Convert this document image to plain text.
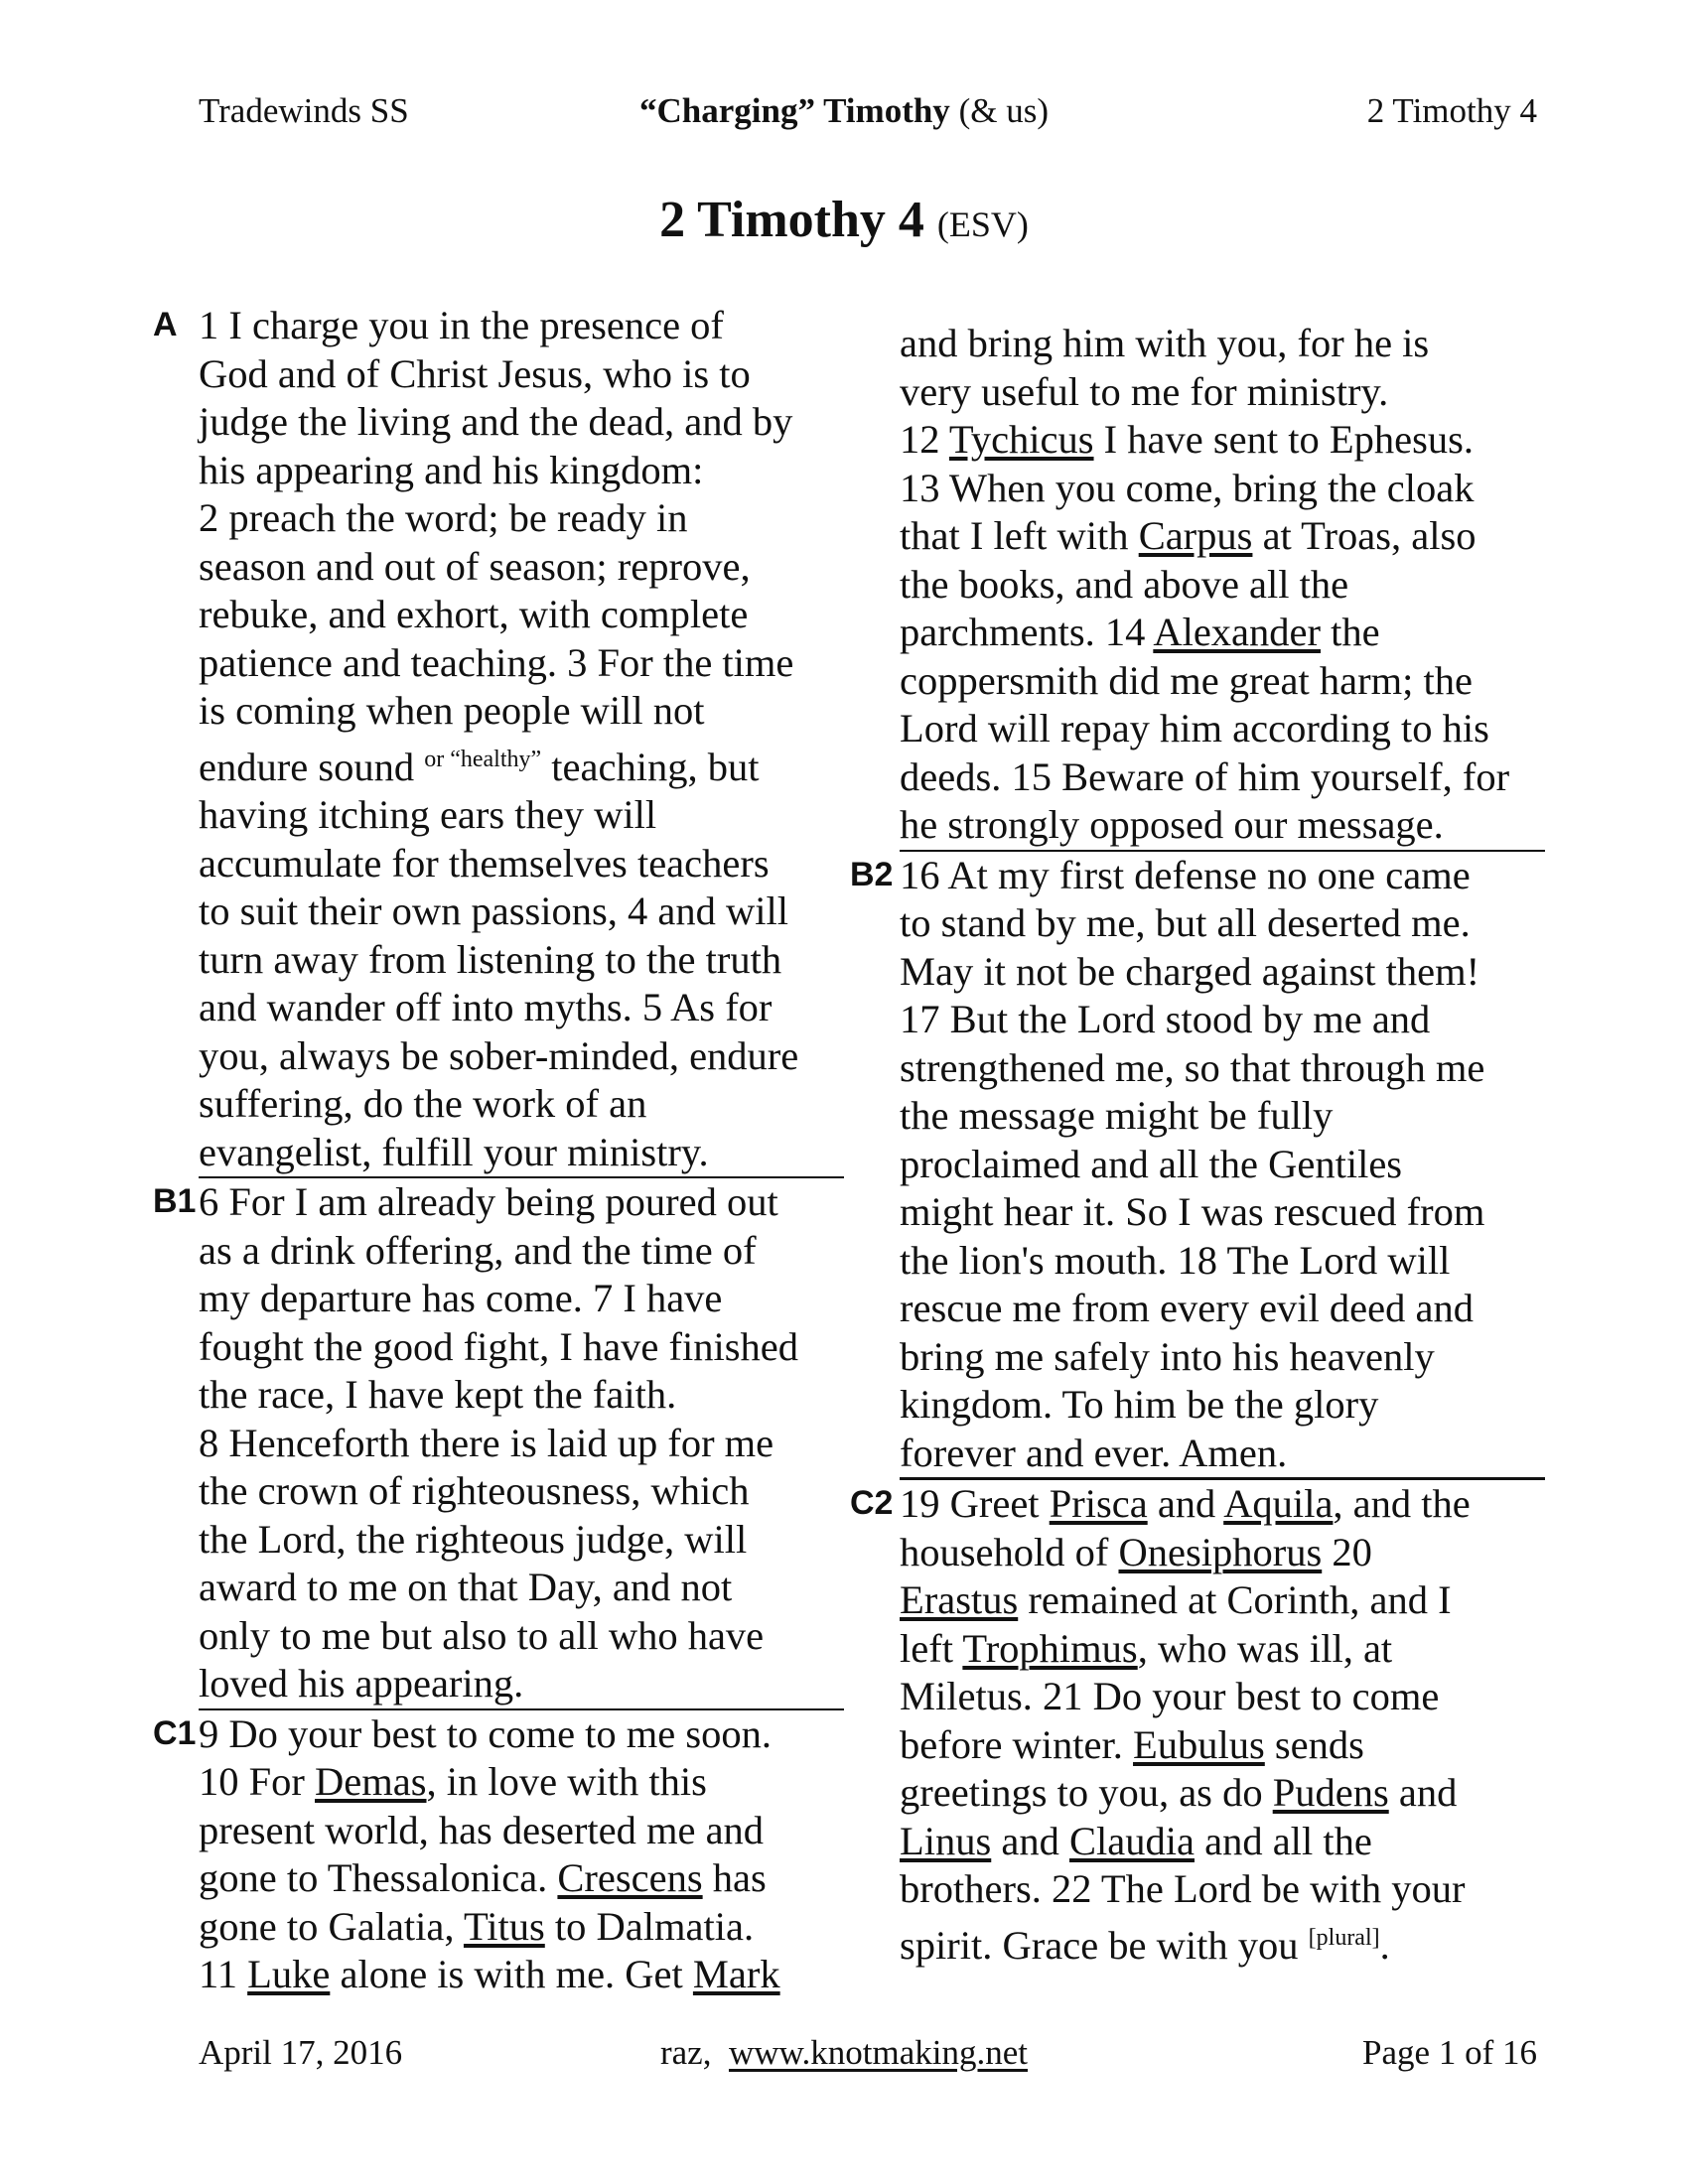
Tradewinds SS	“Charging” Timothy (& us)	2 Timothy 4
2 Timothy 4 (ESV)
A 1 I charge you in the presence of
God and of Christ Jesus, who is to
judge the living and the dead, and by
his appearing and his kingdom:
2 preach the word; be ready in
season and out of season; reprove,
rebuke, and exhort, with complete
patience and teaching. 3 For the time
is coming when people will not
endure sound $^{or “healthy”}$ teaching, but
having itching ears they will
accumulate for themselves teachers
to suit their own passions, 4 and will
turn away from listening to the truth
and wander off into myths. 5 As for
you, always be sober-minded, endure
suffering, do the work of an
evangelist, fulfill your ministry.

B1 6 For I am already being poured out
as a drink offering, and the time of
my departure has come. 7 I have
fought the good fight, I have finished
the race, I have kept the faith.
8 Henceforth there is laid up for me
the crown of righteousness, which
the Lord, the righteous judge, will
award to me on that Day, and not
only to me but also to all who have
loved his appearing.

C1 9 Do your best to come to me soon.
10 For Demas, in love with this
present world, has deserted me and
gone to Thessalonica. Crescens has
gone to Galatia, Titus to Dalmatia.
11 Luke alone is with me. Get Mark

and bring him with you, for he is
very useful to me for ministry.
12 Tychicus I have sent to Ephesus.
13 When you come, bring the cloak
that I left with Carpus at Troas, also
the books, and above all the
parchments. 14 Alexander the
coppersmith did me great harm; the
Lord will repay him according to his
deeds. 15 Beware of him yourself, for
he strongly opposed our message.

B2 16 At my first defense no one came
to stand by me, but all deserted me.
May it not be charged against them!
17 But the Lord stood by me and
strengthened me, so that through me
the message might be fully
proclaimed and all the Gentiles
might hear it. So I was rescued from
the lion's mouth. 18 The Lord will
rescue me from every evil deed and
bring me safely into his heavenly
kingdom. To him be the glory
forever and ever. Amen.

C2 19 Greet Prisca and Aquila, and the
household of Onesiphorus 20
Erastus remained at Corinth, and I
left Trophimus, who was ill, at
Miletus. 21 Do your best to come
before winter. Eubulus sends
greetings to you, as do Pudens and
Linus and Claudia and all the
brothers. 22 The Lord be with your
spirit. Grace be with you [plural].

April 17, 2016	raz, www.knotmaking.net	Page 1 of 16
